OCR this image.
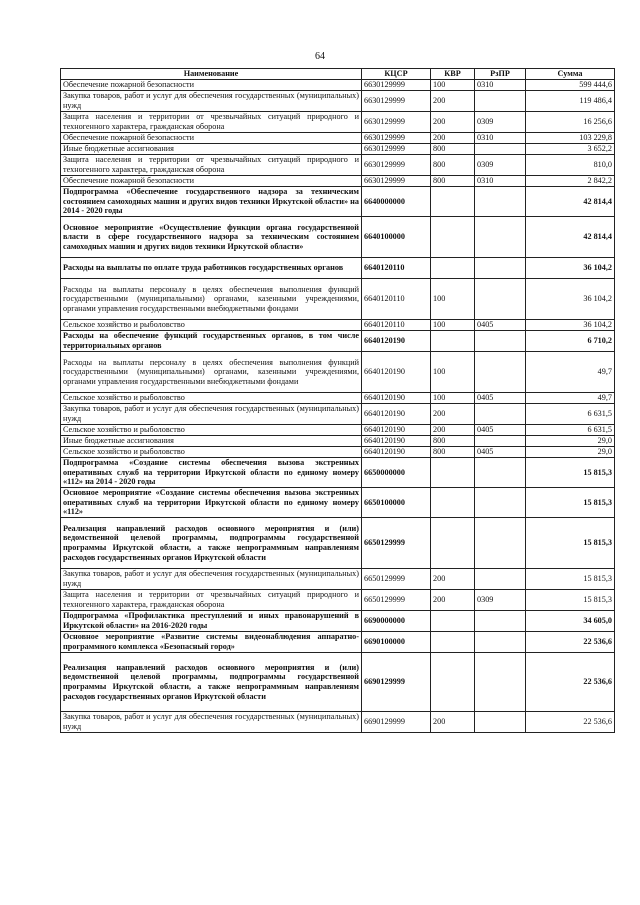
64
Наименование	КЦСР	КВР	РзПР	Сумма
Обеспечение пожарной безопасности	6630129999	100	0310	599 444,6
Закупка товаров, работ и услуг для обеспечения государственных (муниципальных) нужд	6630129999	200		119 486,4
Защита населения и территории от чрезвычайных ситуаций природного и техногенного характера, гражданская оборона	6630129999	200	0309	16 256,6
Обеспечение пожарной безопасности	6630129999	200	0310	103 229,8
Иные бюджетные ассигнования	6630129999	800		3 652,2
Защита населения и территории от чрезвычайных ситуаций природного и техногенного характера, гражданская оборона	6630129999	800	0309	810,0
Обеспечение пожарной безопасности	6630129999	800	0310	2 842,2
Подпрограмма «Обеспечение государственного надзора за техническим состоянием самоходных машин и других видов техники Иркутской области» на 2014 - 2020 годы	6640000000			42 814,4
Основное мероприятие «Осуществление функции органа государственной власти в сфере государственного надзора за техническим состоянием самоходных машин и других видов техники Иркутской области»	6640100000			42 814,4
Расходы на выплаты по оплате труда работников государственных органов	6640120110			36 104,2
Расходы на выплаты персоналу в целях обеспечения выполнения функций государственными (муниципальными) органами, казенными учреждениями, органами управления государственными внебюджетными фондами	6640120110	100		36 104,2
Сельское хозяйство и рыболовство	6640120110	100	0405	36 104,2
Расходы на обеспечение функций государственных органов, в том числе территориальных органов	6640120190			6 710,2
Расходы на выплаты персоналу в целях обеспечения выполнения функций государственными (муниципальными) органами, казенными учреждениями, органами управления государственными внебюджетными фондами	6640120190	100		49,7
Сельское хозяйство и рыболовство	6640120190	100	0405	49,7
Закупка товаров, работ и услуг для обеспечения государственных (муниципальных) нужд	6640120190	200		6 631,5
Сельское хозяйство и рыболовство	6640120190	200	0405	6 631,5
Иные бюджетные ассигнования	6640120190	800		29,0
Сельское хозяйство и рыболовство	6640120190	800	0405	29,0
Подпрограмма «Создание системы обеспечения вызова экстренных оперативных служб на территории Иркутской области по единому номеру «112» на 2014 - 2020 годы	6650000000			15 815,3
Основное мероприятие «Создание системы обеспечения вызова экстренных оперативных служб на территории Иркутской области по единому номеру «112»	6650100000			15 815,3
Реализация направлений расходов основного мероприятия и (или) ведомственной целевой программы, подпрограммы государственной программы Иркутской области, а также непрограммным направлениям расходов государственных органов Иркутской области	6650129999			15 815,3
Закупка товаров, работ и услуг для обеспечения государственных (муниципальных) нужд	6650129999	200		15 815,3
Защита населения и территории от чрезвычайных ситуаций природного и техногенного характера, гражданская оборона	6650129999	200	0309	15 815,3
Подпрограмма «Профилактика преступлений и иных правонарушений в Иркутской области» на 2016-2020 годы	6690000000			34 605,0
Основное мероприятие «Развитие системы видеонаблюдения аппаратно-программного комплекса «Безопасный город»	6690100000			22 536,6
Реализация направлений расходов основного мероприятия и (или) ведомственной целевой программы, подпрограммы государственной программы Иркутской области, а также непрограммным направлениям расходов государственных органов Иркутской области	6690129999			22 536,6
Закупка товаров, работ и услуг для обеспечения государственных (муниципальных) нужд	6690129999	200		22 536,6
